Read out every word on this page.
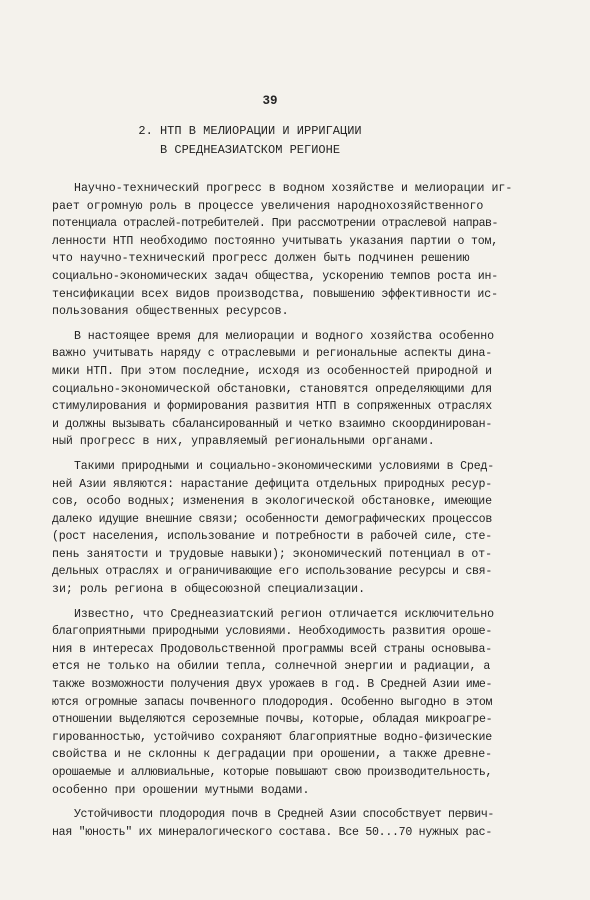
39
2. НТП В МЕЛИОРАЦИИ И ИРРИГАЦИИ
В СРЕДНЕАЗИАТСКОМ РЕГИОНЕ
Научно-технический прогресс в водном хозяйстве и мелиорации иг-
рает огромную роль в процессе увеличения народнохозяйственного
потенциала отраслей-потребителей. При рассмотрении отраслевой направ-
ленности НТП необходимо постоянно учитывать указания партии о том,
что научно-технический прогресс должен быть подчинен решению
социально-экономических задач общества, ускорению темпов роста ин-
тенсификации всех видов производства, повышению эффективности ис-
пользования общественных ресурсов.
В настоящее время для мелиорации и водного хозяйства особенно
важно учитывать наряду с отраслевыми и региональные аспекты дина-
мики НТП. При этом последние, исходя из особенностей природной и
социально-экономической обстановки, становятся определяющими для
стимулирования и формирования развития НТП в сопряженных отраслях
и должны вызывать сбалансированный и четко взаимно скоординирован-
ный прогресс в них, управляемый региональными органами.
Такими природными и социально-экономическими условиями в Сред-
ней Азии являются: нарастание дефицита отдельных природных ресур-
сов, особо водных; изменения в экологической обстановке, имеющие
далеко идущие внешние связи; особенности демографических процессов
(рост населения, использование и потребности в рабочей силе, сте-
пень занятости и трудовые навыки); экономический потенциал в от-
дельных отраслях и ограничивающие его использование ресурсы и свя-
зи; роль региона в общесоюзной специализации.
Известно, что Среднеазиатский регион отличается исключительно
благоприятными природными условиями. Необходимость развития ороше-
ния в интересах Продовольственной программы всей страны основыва-
ется не только на обилии тепла, солнечной энергии и радиации, а
также возможности получения двух урожаев в год. В Средней Азии име-
ются огромные запасы почвенного плодородия. Особенно выгодно в этом
отношении выделяются сероземные почвы, которые, обладая микроагре-
гированностью, устойчиво сохраняют благоприятные водно-физические
свойства и не склонны к деградации при орошении, а также древне-
орошаемые и аллювиальные, которые повышают свою производительность,
особенно при орошении мутными водами.
Устойчивости плодородия почв в Средней Азии способствует первич-
ная "юность" их минералогического состава. Все 50...70 нужных рас-
